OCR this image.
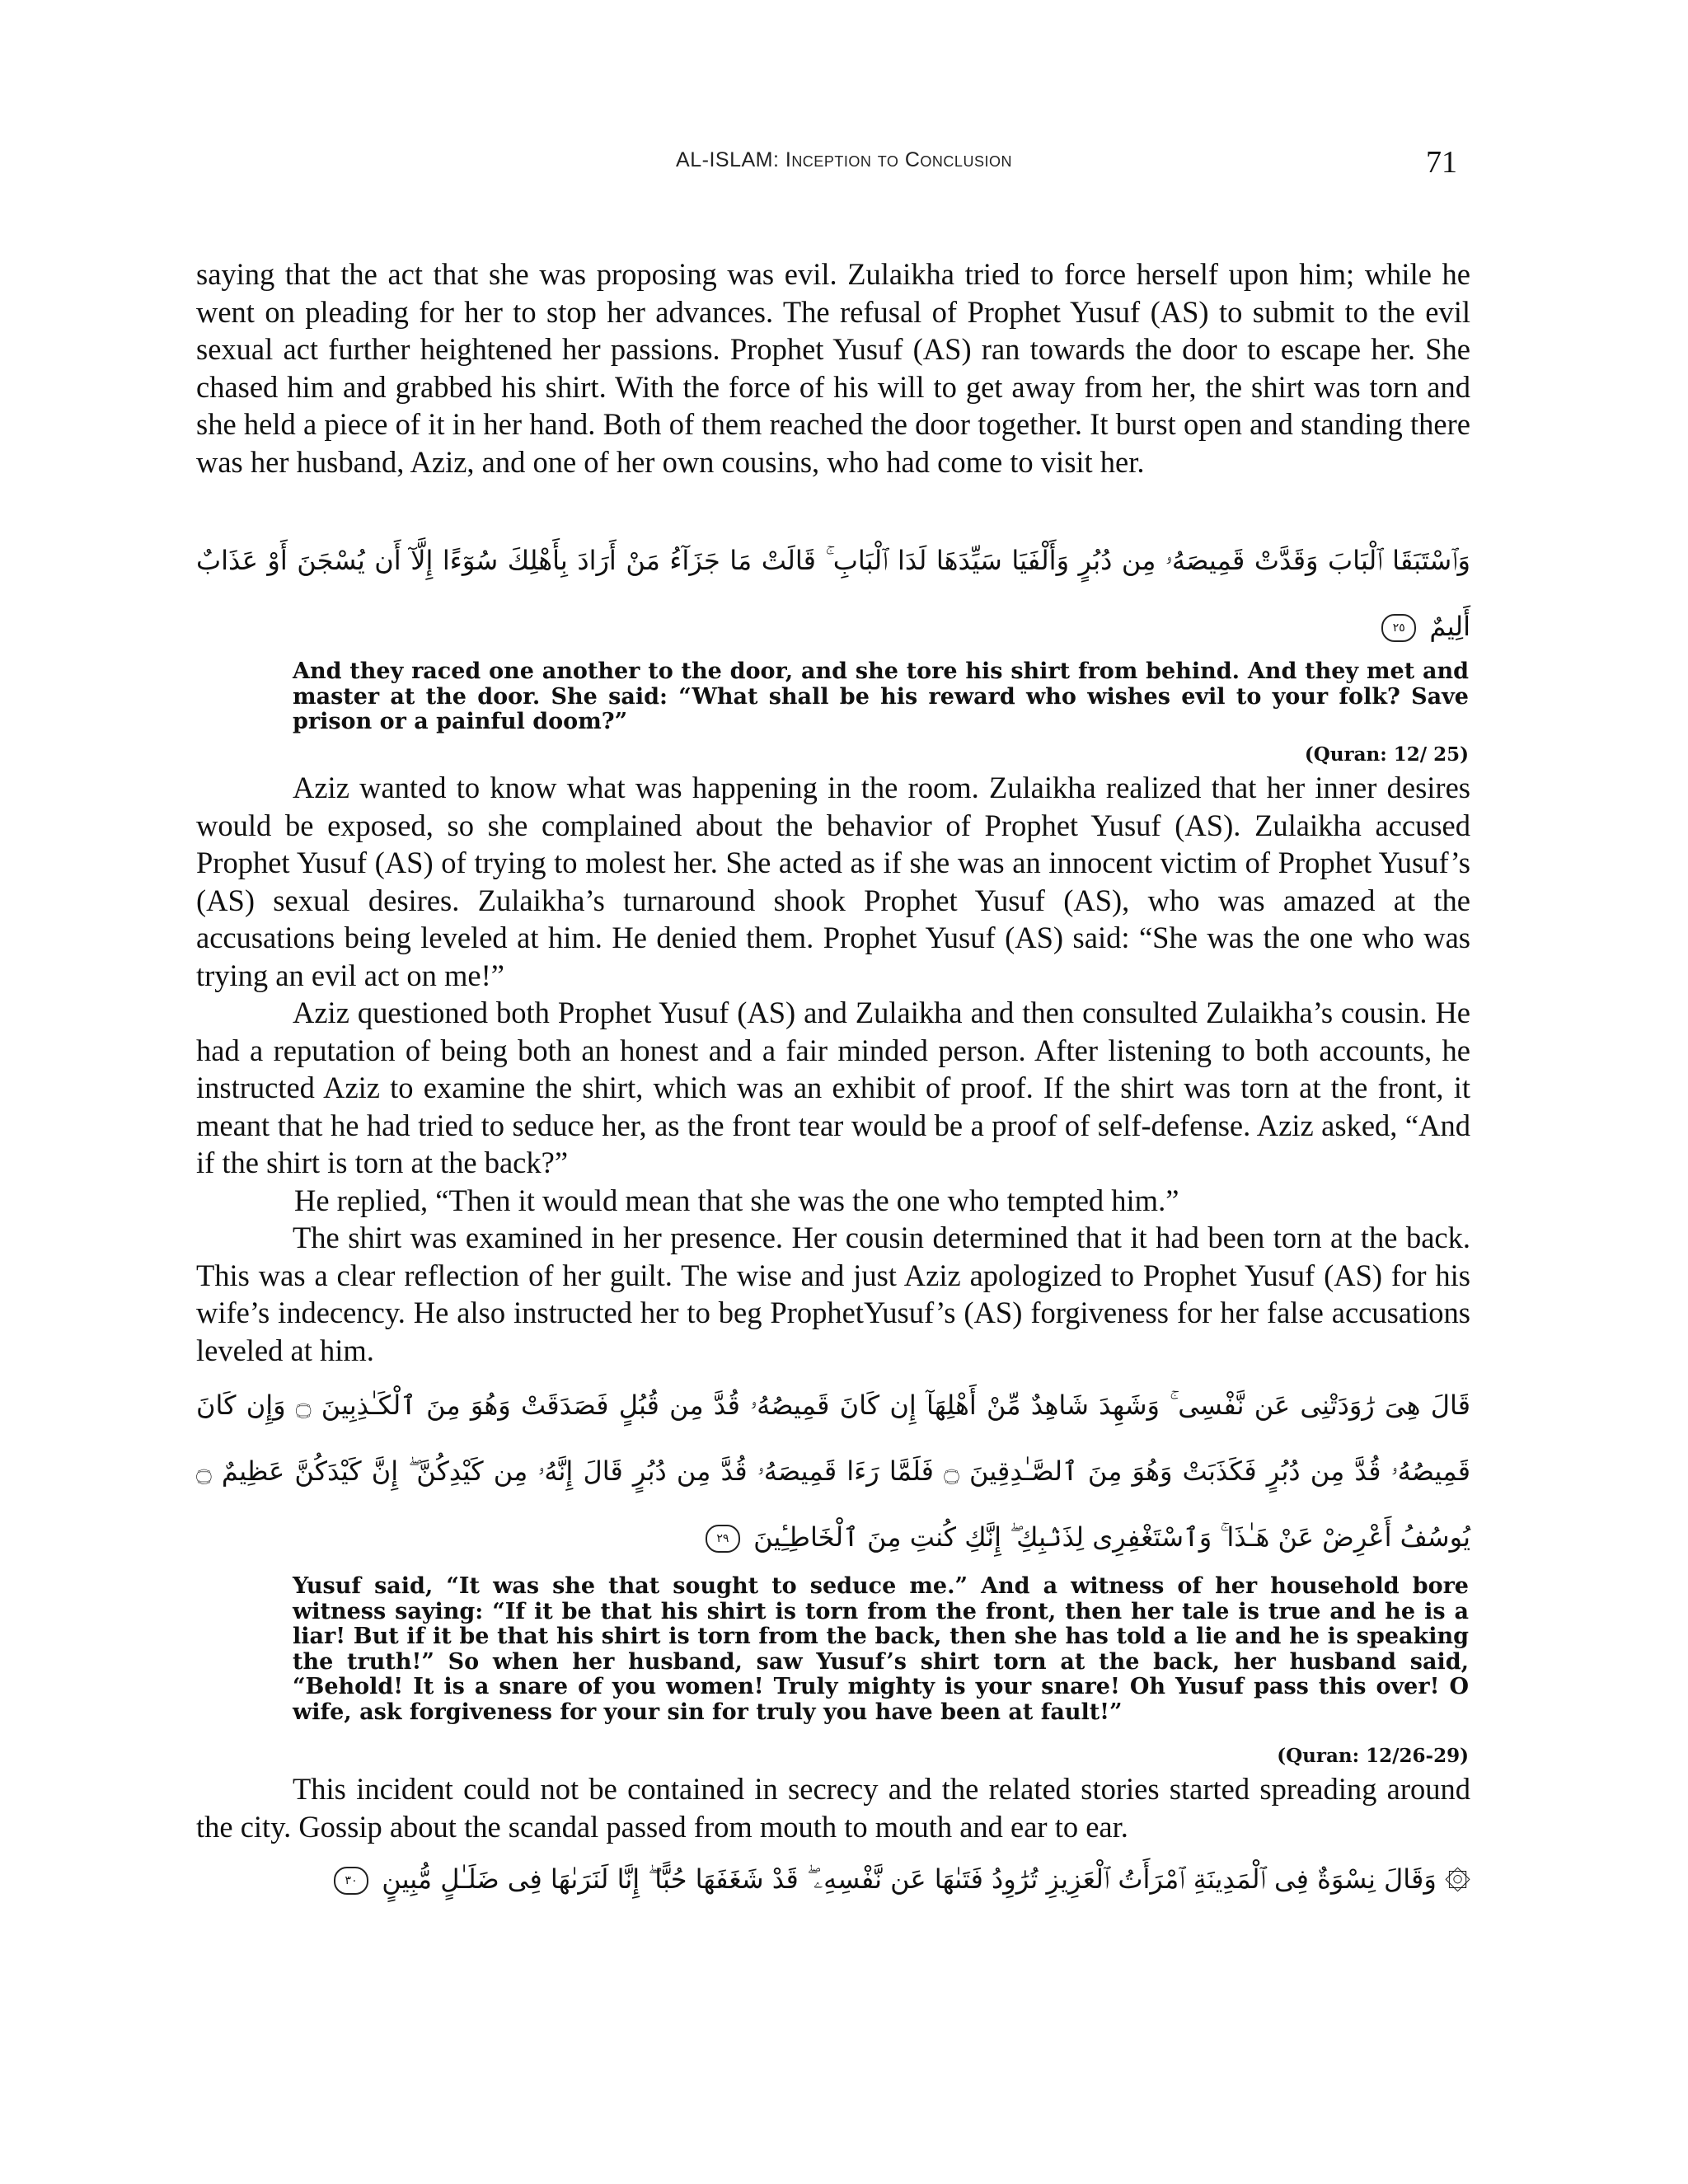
AL-ISLAM: Inception to Conclusion	71

saying that the act that she was proposing was evil. Zulaikha tried to force herself upon him; while he went on pleading for her to stop her advances. The refusal of Prophet Yusuf (AS) to submit to the evil sexual act further heightened her passions. Prophet Yusuf (AS) ran towards the door to escape her. She chased him and grabbed his shirt. With the force of his will to get away from her, the shirt was torn and she held a piece of it in her hand. Both of them reached the door together. It burst open and standing there was her husband, Aziz, and one of her own cousins, who had come to visit her.

وَٱسْتَبَقَا ٱلْبَابَ وَقَدَّتْ قَمِيصَهُۥ مِن دُبُرٍ وَأَلْفَيَا سَيِّدَهَا لَدَا ٱلْبَابِ ۚ قَالَتْ مَا جَزَآءُ مَنْ أَرَادَ بِأَهْلِكَ سُوٓءًا إِلَّآ أَن يُسْجَنَ أَوْ عَذَابٌ أَلِيمٌ ٢٥
And they raced one another to the door, and she tore his shirt from behind. And they met and master at the door. She said: “What shall be his reward who wishes evil to your folk? Save prison or a painful doom?”
(Quran: 12/ 25)

Aziz wanted to know what was happening in the room. Zulaikha realized that her inner desires would be exposed, so she complained about the behavior of Prophet Yusuf (AS). Zulaikha accused Prophet Yusuf (AS) of trying to molest her. She acted as if she was an innocent victim of Prophet Yusuf’s (AS) sexual desires. Zulaikha’s turnaround shook Prophet Yusuf (AS), who was amazed at the accusations being leveled at him. He denied them. Prophet Yusuf (AS) said: “She was the one who was trying an evil act on me!”

Aziz questioned both Prophet Yusuf (AS) and Zulaikha and then consulted Zulaikha’s cousin. He had a reputation of being both an honest and a fair minded person. After listening to both accounts, he instructed Aziz to examine the shirt, which was an exhibit of proof. If the shirt was torn at the front, it meant that he had tried to seduce her, as the front tear would be a proof of self-defense. Aziz asked, “And if the shirt is torn at the back?”

He replied, “Then it would mean that she was the one who tempted him.”

The shirt was examined in her presence. Her cousin determined that it had been torn at the back. This was a clear reflection of her guilt. The wise and just Aziz apologized to Prophet Yusuf (AS) for his wife’s indecency. He also instructed her to beg ProphetYusuf’s (AS) forgiveness for her false accusations leveled at him.

قَالَ هِىَ رَٰوَدَتْنِى عَن نَّفْسِى ۚ وَشَهِدَ شَاهِدٌ مِّنْ أَهْلِهَآ إِن كَانَ قَمِيصُهُۥ قُدَّ مِن قُبُلٍ فَصَدَقَتْ وَهُوَ مِنَ ٱلْكَـٰذِبِينَ ۝ وَإِن كَانَ قَمِيصُهُۥ قُدَّ مِن دُبُرٍ فَكَذَبَتْ وَهُوَ مِنَ ٱلصَّـٰدِقِينَ ۝ فَلَمَّا رَءَا قَمِيصَهُۥ قُدَّ مِن دُبُرٍ قَالَ إِنَّهُۥ مِن كَيْدِكُنَّ ۖ إِنَّ كَيْدَكُنَّ عَظِيمٌ ۝ يُوسُفُ أَعْرِضْ عَنْ هَـٰذَا ۚ وَٱسْتَغْفِرِى لِذَنۢبِكِ ۖ إِنَّكِ كُنتِ مِنَ ٱلْخَاطِـِٔينَ ٢٩
Yusuf said, “It was she that sought to seduce me.” And a witness of her household bore witness saying: “If it be that his shirt is torn from the front, then her tale is true and he is a liar! But if it be that his shirt is torn from the back, then she has told a lie and he is speaking the truth!” So when her husband, saw Yusuf’s shirt torn at the back, her husband said, “Behold! It is a snare of you women! Truly mighty is your snare! Oh Yusuf pass this over! O wife, ask forgiveness for your sin for truly you have been at fault!”
(Quran: 12/26-29)

This incident could not be contained in secrecy and the related stories started spreading around the city. Gossip about the scandal passed from mouth to mouth and ear to ear.

۞ وَقَالَ نِسْوَةٌ فِى ٱلْمَدِينَةِ ٱمْرَأَتُ ٱلْعَزِيزِ تُرَٰوِدُ فَتَىٰهَا عَن نَّفْسِهِۦ ۖ قَدْ شَغَفَهَا حُبًّا ۖ إِنَّا لَنَرَىٰهَا فِى ضَلَـٰلٍ مُّبِينٍ ٣٠
